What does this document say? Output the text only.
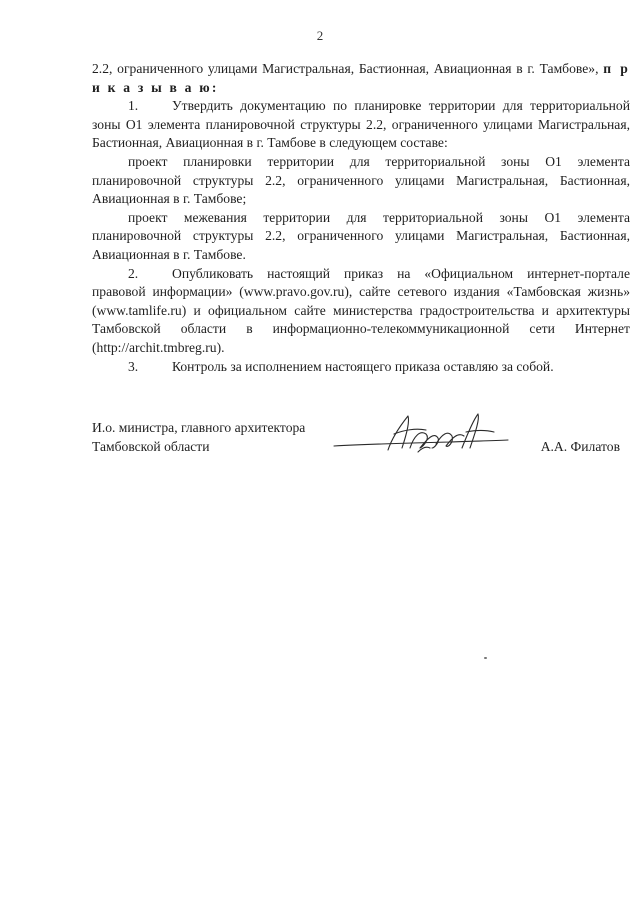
2

2.2, ограниченного улицами Магистральная, Бастионная, Авиационная в г. Тамбове», п р и к а з ы в а ю:

1. Утвердить документацию по планировке территории для территориальной зоны О1 элемента планировочной структуры 2.2, ограниченного улицами Магистральная, Бастионная, Авиационная в г. Тамбове в следующем составе:

проект планировки территории для территориальной зоны О1 элемента планировочной структуры 2.2, ограниченного улицами Магистральная, Бастионная, Авиационная в г. Тамбове;

проект межевания территории для территориальной зоны О1 элемента планировочной структуры 2.2, ограниченного улицами Магистральная, Бастионная, Авиационная в г. Тамбове.

2. Опубликовать настоящий приказ на «Официальном интернет-портале правовой информации» (www.pravo.gov.ru), сайте сетевого издания «Тамбовская жизнь» (www.tamlife.ru) и официальном сайте министерства градостроительства и архитектуры Тамбовской области в информационно-телекоммуникационной сети Интернет (http://archit.tmbreg.ru).

3. Контроль за исполнением настоящего приказа оставляю за собой.

И.о. министра, главного архитектора
Тамбовской области	А.А. Филатов
